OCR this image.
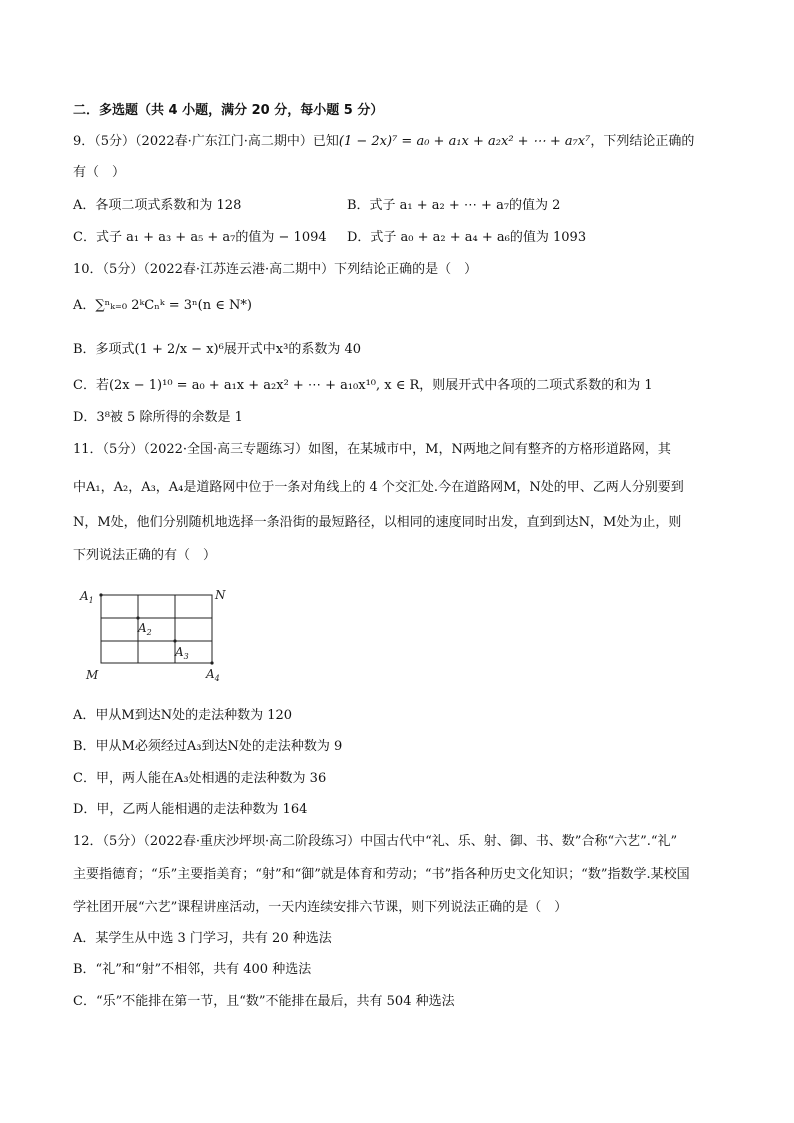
二．多选题（共 4 小题，满分 20 分，每小题 5 分）
9．（5分）（2022春·广东江门·高二期中）已知(1 − 2x)⁷ = a₀ + a₁x + a₂x² + ⋯ + a₇x⁷，下列结论正确的
有（　）
A．各项二项式系数和为 128	B．式子 a₁ + a₂ + ⋯ + a₇的值为 2
C．式子 a₁ + a₃ + a₅ + a₇的值为 − 1094 D．式子 a₀ + a₂ + a₄ + a₆的值为 1093
10．（5分）（2022春·江苏连云港·高二期中）下列结论正确的是（　）
A．∑ⁿₖ₌₀ 2ᵏCₙᵏ = 3ⁿ(n ∈ N*)
B．多项式(1 + 2/x − x)⁶展开式中x³的系数为 40
C．若(2x − 1)¹⁰ = a₀ + a₁x + a₂x² + ⋯ + a₁₀x¹⁰, x ∈ R，则展开式中各项的二项式系数的和为 1
D．3⁸被 5 除所得的余数是 1
11．（5分）（2022·全国·高三专题练习）如图，在某城市中，M，N两地之间有整齐的方格形道路网，其
中A₁，A₂，A₃，A₄是道路网中位于一条对角线上的 4 个交汇处.今在道路网M，N处的甲、乙两人分别要到
N，M处，他们分别随机地选择一条沿街的最短路径，以相同的速度同时出发，直到到达N，M处为止，则
下列说法正确的有（　）
$A_1$	N
$A_2$
$A_3$
M	$A_4$
A．甲从M到达N处的走法种数为 120
B．甲从M必须经过A₃到达N处的走法种数为 9
C．甲，两人能在A₃处相遇的走法种数为 36
D．甲，乙两人能相遇的走法种数为 164
12．（5分）（2022春·重庆沙坪坝·高二阶段练习）中国古代中“礼、乐、射、御、书、数”合称“六艺”.“礼”
主要指德育；“乐”主要指美育；“射”和“御”就是体育和劳动；“书”指各种历史文化知识；“数”指数学.某校国
学社团开展“六艺”课程讲座活动，一天内连续安排六节课，则下列说法正确的是（　）
A．某学生从中选 3 门学习，共有 20 种选法
B．“礼”和“射”不相邻，共有 400 种选法
C．“乐”不能排在第一节，且“数”不能排在最后，共有 504 种选法
